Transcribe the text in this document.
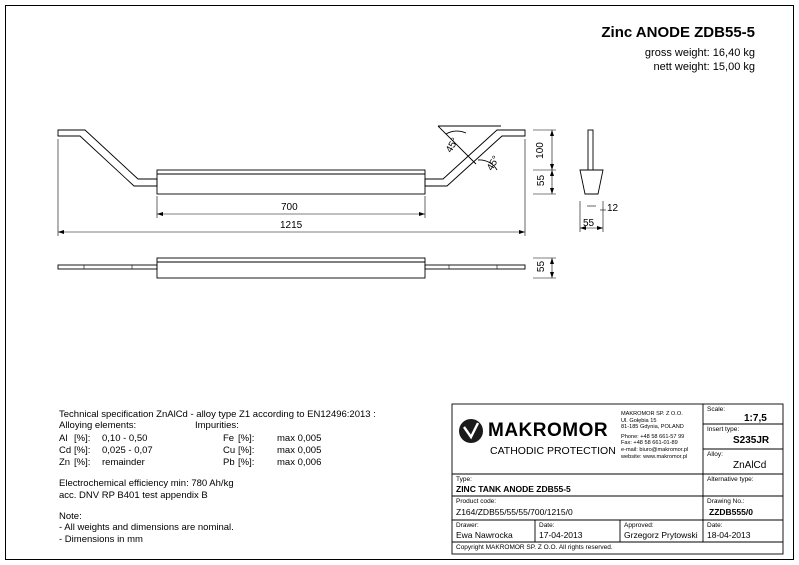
Zinc ANODE ZDB55-5
gross weight: 16,40 kg
nett weight: 15,00 kg
45°
45°
100
55
700
1215
12
55
55
Technical specification ZnAlCd - alloy type Z1 according to EN12496:2013 :
Alloying elements:	Impurities:
Al [%]: 0,10 - 0,50	Fe [%]: max 0,005
Cd [%]: 0,025 - 0,07	Cu [%]: max 0,005
Zn [%]: remainder	Pb [%]: max 0,006
Electrochemical efficiency min: 780 Ah/kg
acc. DNV RP B401 test appendix B
Note:
- All weights and dimensions are nominal.
- Dimensions in mm
MAKROMOR
CATHODIC PROTECTION
MAKROMOR SP. Z O.O.
Ul. Gołębia 15
81-185 Gdynia, POLAND
Phone: +48 58 661-57 99
Fax: +48 58 661-01-89
e-mail: biuro@makromor.pl
website: www.makromor.pl
Scale:
1:7,5
Insert type:
S235JR
Alloy:
ZnAlCd
Alternative type:
Drawing No.:
ZZDB555/0
Type:
ZINC TANK ANODE ZDB55-5
Product code:
Z164/ZDB55/55/55/700/1215/0
Drawer:
Ewa Nawrocka
Date:
17-04-2013
Approved:
Grzegorz Prytowski
Date:
18-04-2013
Copyright MAKROMOR SP. Z O.O. All rights reserved.
